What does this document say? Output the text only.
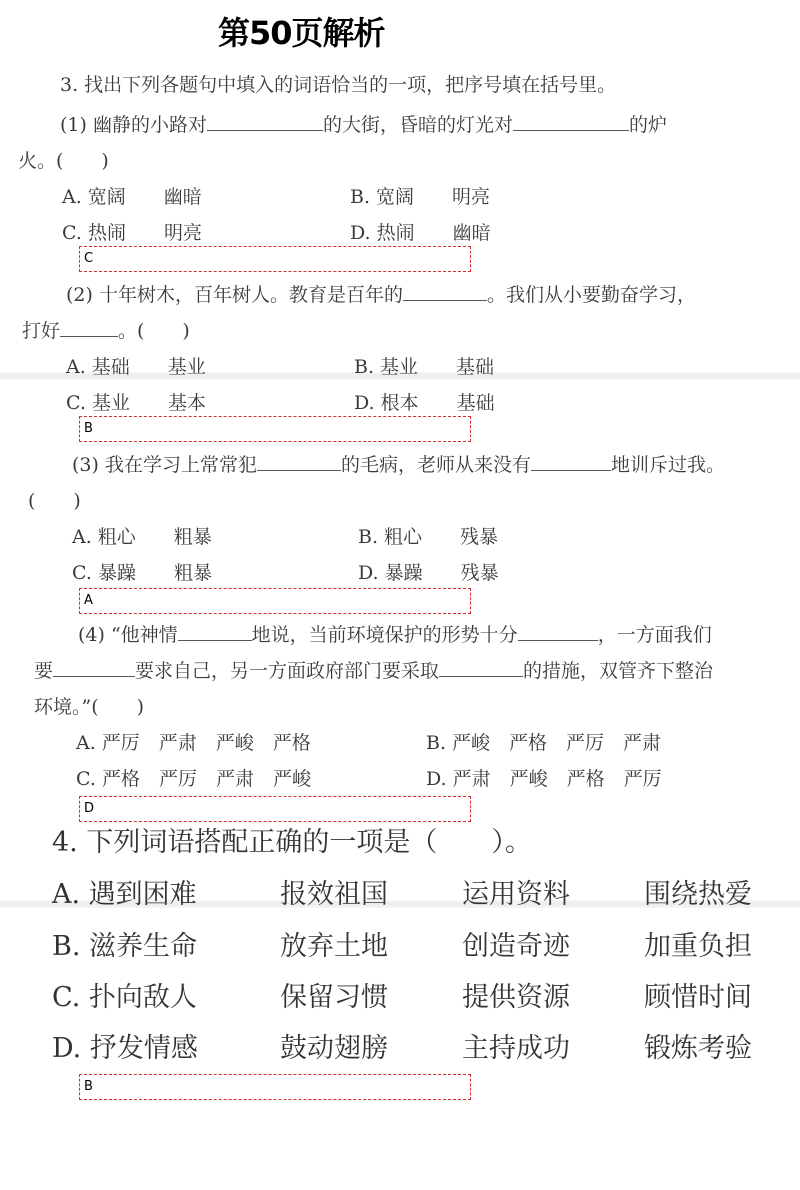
第50页解析
3. 找出下列各题句中填入的词语恰当的一项，把序号填在括号里。
(1) 幽静的小路对	的大街，昏暗的灯光对	的炉
火。(　　)
A. 宽阔　　幽暗	B. 宽阔　　明亮
C. 热闹　　明亮	D. 热闹　　幽暗
C
(2) 十年树木，百年树人。教育是百年的	。我们从小要勤奋学习，
打好	。(　　)
A. 基础　　基业	B. 基业　　基础
C. 基业　　基本	D. 根本　　基础
B
(3) 我在学习上常常犯	的毛病，老师从来没有	地训斥过我。
(　　)
A. 粗心　　粗暴	B. 粗心　　残暴
C. 暴躁　　粗暴	D. 暴躁　　残暴
A
(4) “他神情	地说，当前环境保护的形势十分	，一方面我们
要	要求自己，另一方面政府部门要采取	的措施，双管齐下整治
环境。”(　　)
A. 严厉　严肃　严峻　严格	B. 严峻　严格　严厉　严肃
C. 严格　严厉　严肃　严峻	D. 严肃　严峻　严格　严厉
D
4. 下列词语搭配正确的一项是（　　）。
A. 遇到困难	报效祖国	运用资料	围绕热爱
B. 滋养生命	放弃土地	创造奇迹	加重负担
C. 扑向敌人	保留习惯	提供资源	顾惜时间
D. 抒发情感	鼓动翅膀	主持成功	锻炼考验
B
